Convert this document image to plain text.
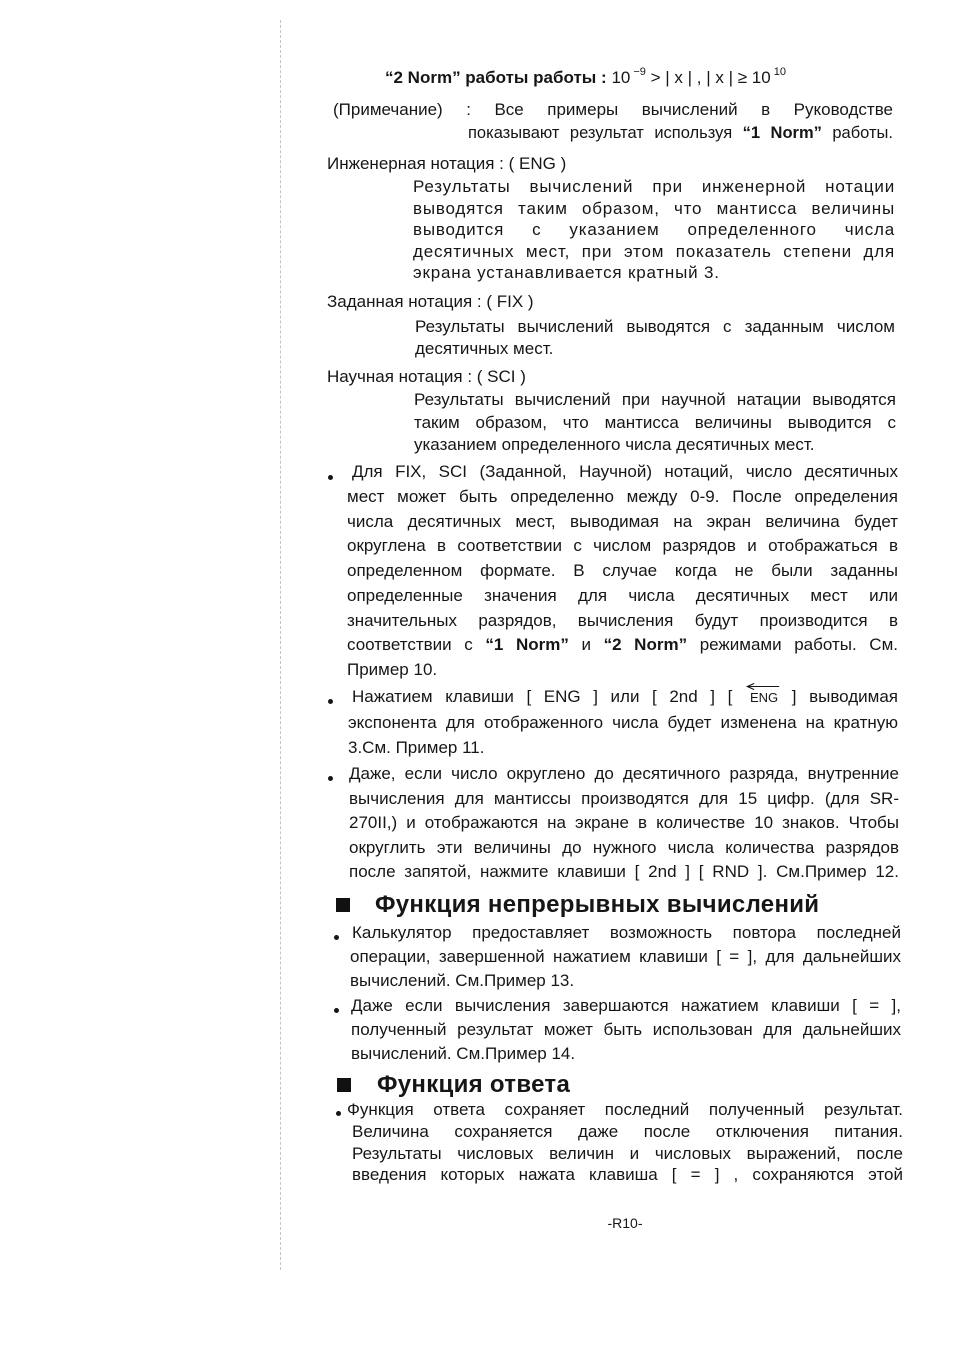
“2 Norm” работы работы : 10 $^{-9}$ > | x | , | x | ≥ 10 $^{10}$
(Примечание) : Все примеры вычислений в Руководстве
показывают результат используя “1 Norm” работы.
Инженерная нотация : ( ENG )
Результаты вычислений при инженерной нотации
выводятся таким образом, что мантисса величины
выводится с указанием определенного числа
десятичных мест, при этом показатель степени для
экрана устанавливается кратный 3.
Заданная нотация : ( FIX )
Результаты вычислений выводятся с заданным числом
десятичных мест.
Научная нотация : ( SCI )
Результаты вычислений при научной натации выводятся
таким образом, что мантисса величины выводится с
указанием определенного числа десятичных мест.
Для FIX, SCI (Заданной, Научной) нотаций, число десятичных
мест может быть определенно между 0-9. После определения
числа десятичных мест, выводимая на экран величина будет
округлена в соответствии с числом разрядов и отображаться в
определенном формате. В случае когда не были заданны
определенные значения для числа десятичных мест или
значительных разрядов, вычисления будут производится в
соответствии с “1 Norm” и “2 Norm” режимами работы. См.
Пример 10.
Нажатием клавиши [ ENG ] или [ 2nd ] [ ENG ] выводимая
экспонента для отображенного числа будет изменена на кратную
3.См. Пример 11.
Даже, если число округлено до десятичного разряда, внутренние
вычисления для мантиссы производятся для 15 цифр. (для SR-
270II,) и отображаются на экране в количестве 10 знаков. Чтобы
округлить эти величины до нужного числа количества разрядов
после запятой, нажмите клавиши [ 2nd ] [ RND ]. См.Пример 12.
Функция непрерывных вычислений
Калькулятор предоставляет возможность повтора последней
операции, завершенной нажатием клавиши [ = ], для дальнейших
вычислений. См.Пример 13.
Даже если вычисления завершаются нажатием клавиши [ = ],
полученный результат может быть использован для дальнейших
вычислений. См.Пример 14.
Функция ответа
Функция ответа сохраняет последний полученный результат.
Величина сохраняется даже после отключения питания.
Результаты числовых величин и числовых выражений, после
введения которых нажата клавиша [ = ] , сохраняются этой
-R10-
